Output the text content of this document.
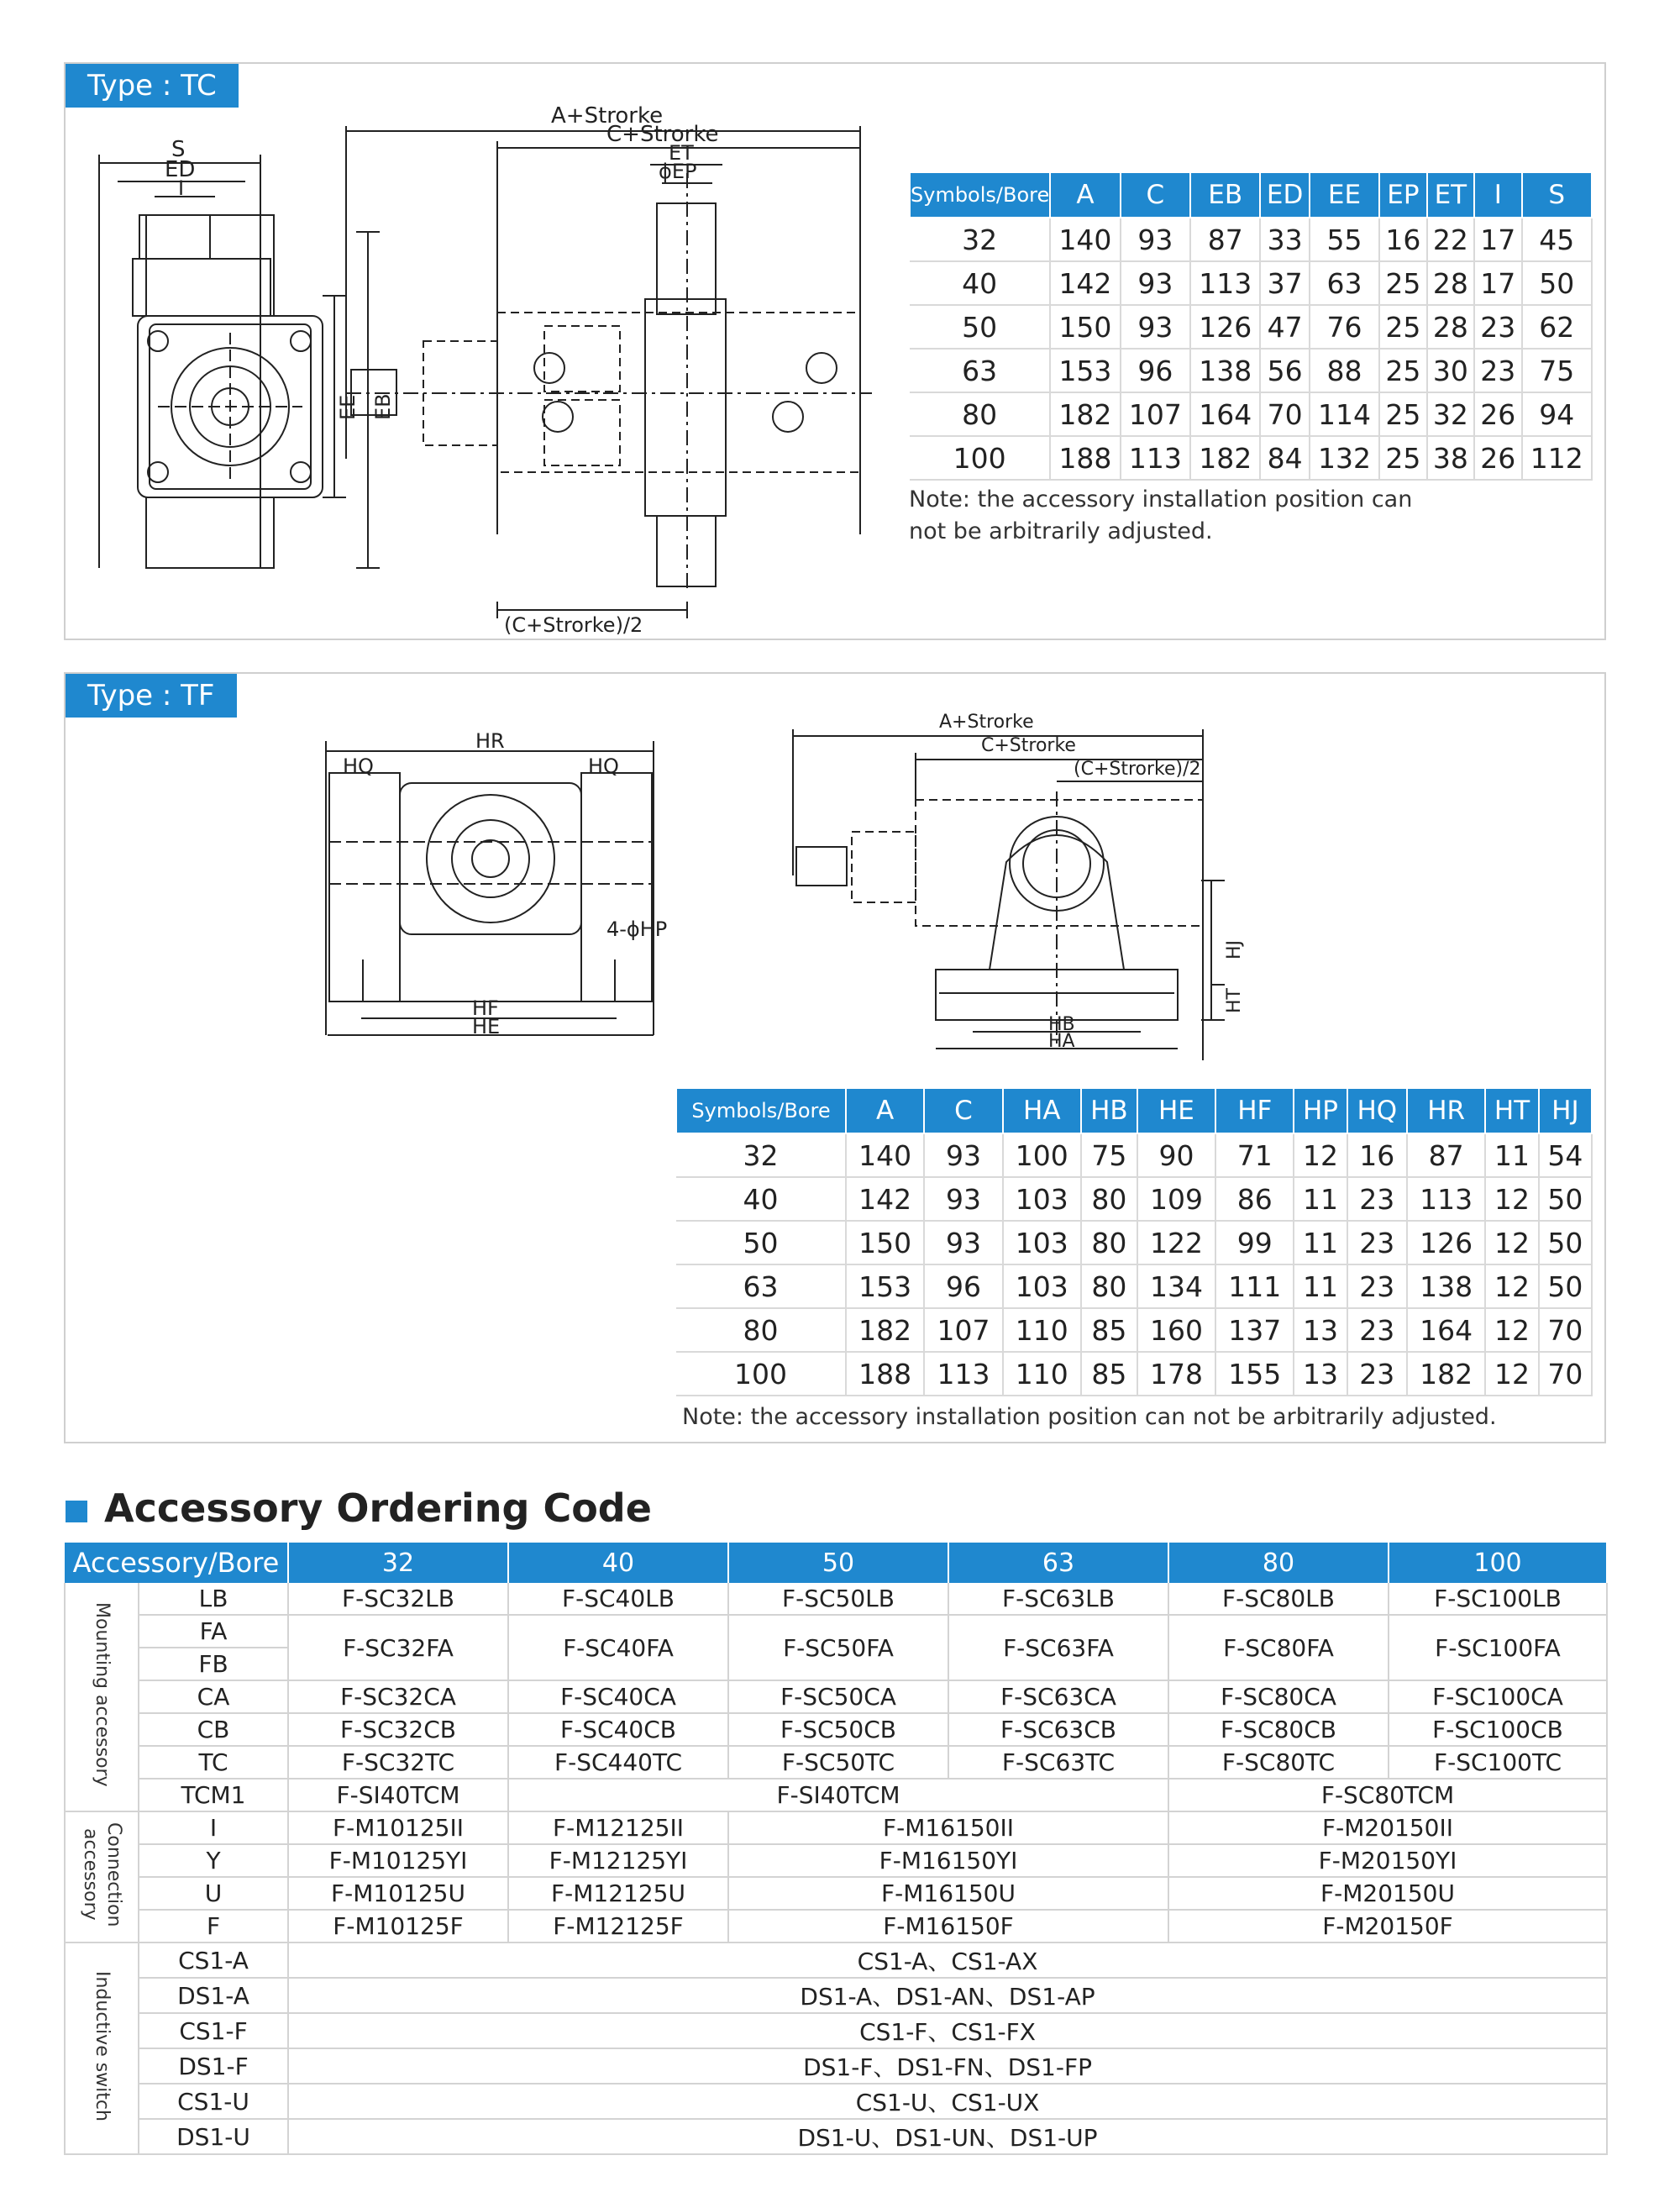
Type : TC
S
ED
I
EE EB
A+Strorke
C+Strorke
ET
ϕEP
(C+Strorke)/2
Symbols/Bore	A	C	EB	ED	EE	EP	ET	I	S
32	140	93	87	33	55	16	22	17	45
40	142	93	113	37	63	25	28	17	50
50	150	93	126	47	76	25	28	23	62
63	153	96	138	56	88	25	30	23	75
80	182	107	164	70	114	25	32	26	94
100	188	113	182	84	132	25	38	26	112
Note: the accessory installation position can
not be arbitrarily adjusted.
Type : TF
HR
HQ	HQ
4-ϕHP
HF
HE
A+Strorke
C+Strorke
(C+Strorke)/2
HJ
HT
HB
HA
Symbols/Bore	A	C	HA	HB	HE	HF	HP	HQ	HR	HT	HJ
32	140	93	100	75	90	71	12	16	87	11	54
40	142	93	103	80	109	86	11	23	113	12	50
50	150	93	103	80	122	99	11	23	126	12	50
63	153	96	103	80	134	111	11	23	138	12	50
80	182	107	110	85	160	137	13	23	164	12	70
100	188	113	110	85	178	155	13	23	182	12	70
Note: the accessory installation position can not be arbitrarily adjusted.
Accessory Ordering Code
Accessory/Bore		32	40	50	63	80	100
Mounting accessory	LB	F-SC32LB	F-SC40LB	F-SC50LB	F-SC63LB	F-SC80LB	F-SC100LB
	FA	F-SC32FA	F-SC40FA	F-SC50FA	F-SC63FA	F-SC80FA	F-SC100FA
	FB						
	CA	F-SC32CA	F-SC40CA	F-SC50CA	F-SC63CA	F-SC80CA	F-SC100CA
	CB	F-SC32CB	F-SC40CB	F-SC50CB	F-SC63CB	F-SC80CB	F-SC100CB
	TC	F-SC32TC	F-SC440TC	F-SC50TC	F-SC63TC	F-SC80TC	F-SC100TC
	TCM1	F-SI40TCM	F-SI40TCM			F-SC80TCM	
Connection accessory	I	F-M10125II	F-M12125II	F-M16150II		F-M20150II	
	Y	F-M10125YI	F-M12125YI	F-M16150YI		F-M20150YI	
	U	F-M10125U	F-M12125U	F-M16150U		F-M20150U	
	F	F-M10125F	F-M12125F	F-M16150F		F-M20150F	
Inductive switch	CS1-A	CS1-A、CS1-AX					
	DS1-A	DS1-A、DS1-AN、DS1-AP					
	CS1-F	CS1-F、CS1-FX					
	DS1-F	DS1-F、DS1-FN、DS1-FP					
	CS1-U	CS1-U、CS1-UX					
	DS1-U	DS1-U、DS1-UN、DS1-UP					
